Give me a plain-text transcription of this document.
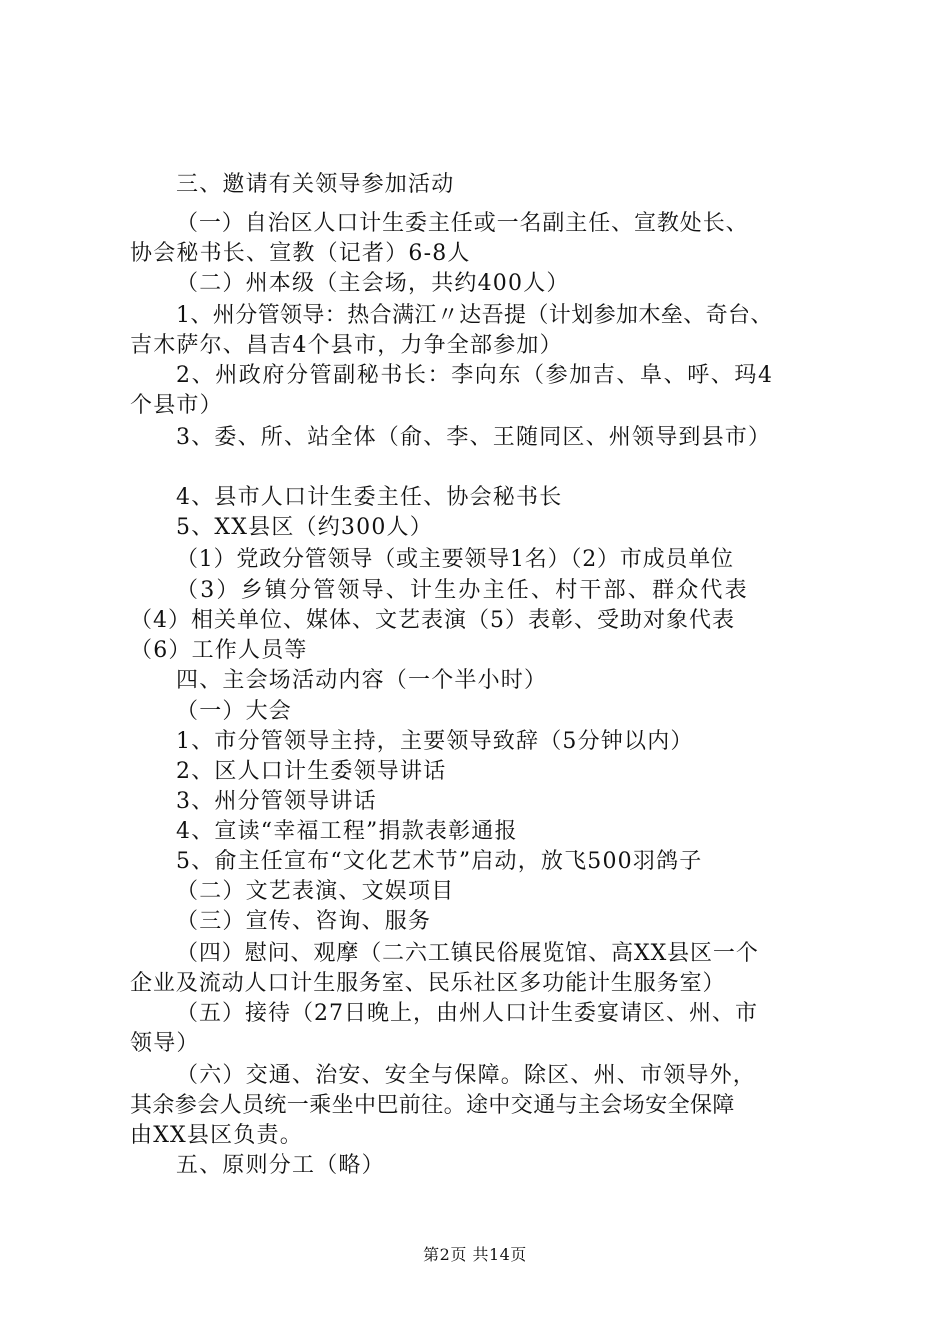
三、邀请有关领导参加活动
（一）自治区人口计生委主任或一名副主任、宣教处长、
协会秘书长、宣教（记者）6-8人
（二）州本级（主会场，共约400人）
1、州分管领导：热合满江〃达吾提（计划参加木垒、奇台、
吉木萨尔、昌吉4个县市，力争全部参加）
2、州政府分管副秘书长：李向东（参加吉、阜、呼、玛4
个县市）
3、委、所、站全体（俞、李、王随同区、州领导到县市）
4、县市人口计生委主任、协会秘书长
5、XX县区（约300人）
（1）党政分管领导（或主要领导1名）（2）市成员单位
（3）乡镇分管领导、计生办主任、村干部、群众代表
（4）相关单位、媒体、文艺表演（5）表彰、受助对象代表
（6）工作人员等
四、主会场活动内容（一个半小时）
（一）大会
1、市分管领导主持，主要领导致辞（5分钟以内）
2、区人口计生委领导讲话
3、州分管领导讲话
4、宣读“幸福工程”捐款表彰通报
5、俞主任宣布“文化艺术节”启动，放飞500羽鸽子
（二）文艺表演、文娱项目
（三）宣传、咨询、服务
（四）慰问、观摩（二六工镇民俗展览馆、高XX县区一个
企业及流动人口计生服务室、民乐社区多功能计生服务室）
（五）接待（27日晚上，由州人口计生委宴请区、州、市
领导）
（六）交通、治安、安全与保障。除区、州、市领导外，
其余参会人员统一乘坐中巴前往。途中交通与主会场安全保障
由XX县区负责。
五、原则分工（略）
第2页 共14页
